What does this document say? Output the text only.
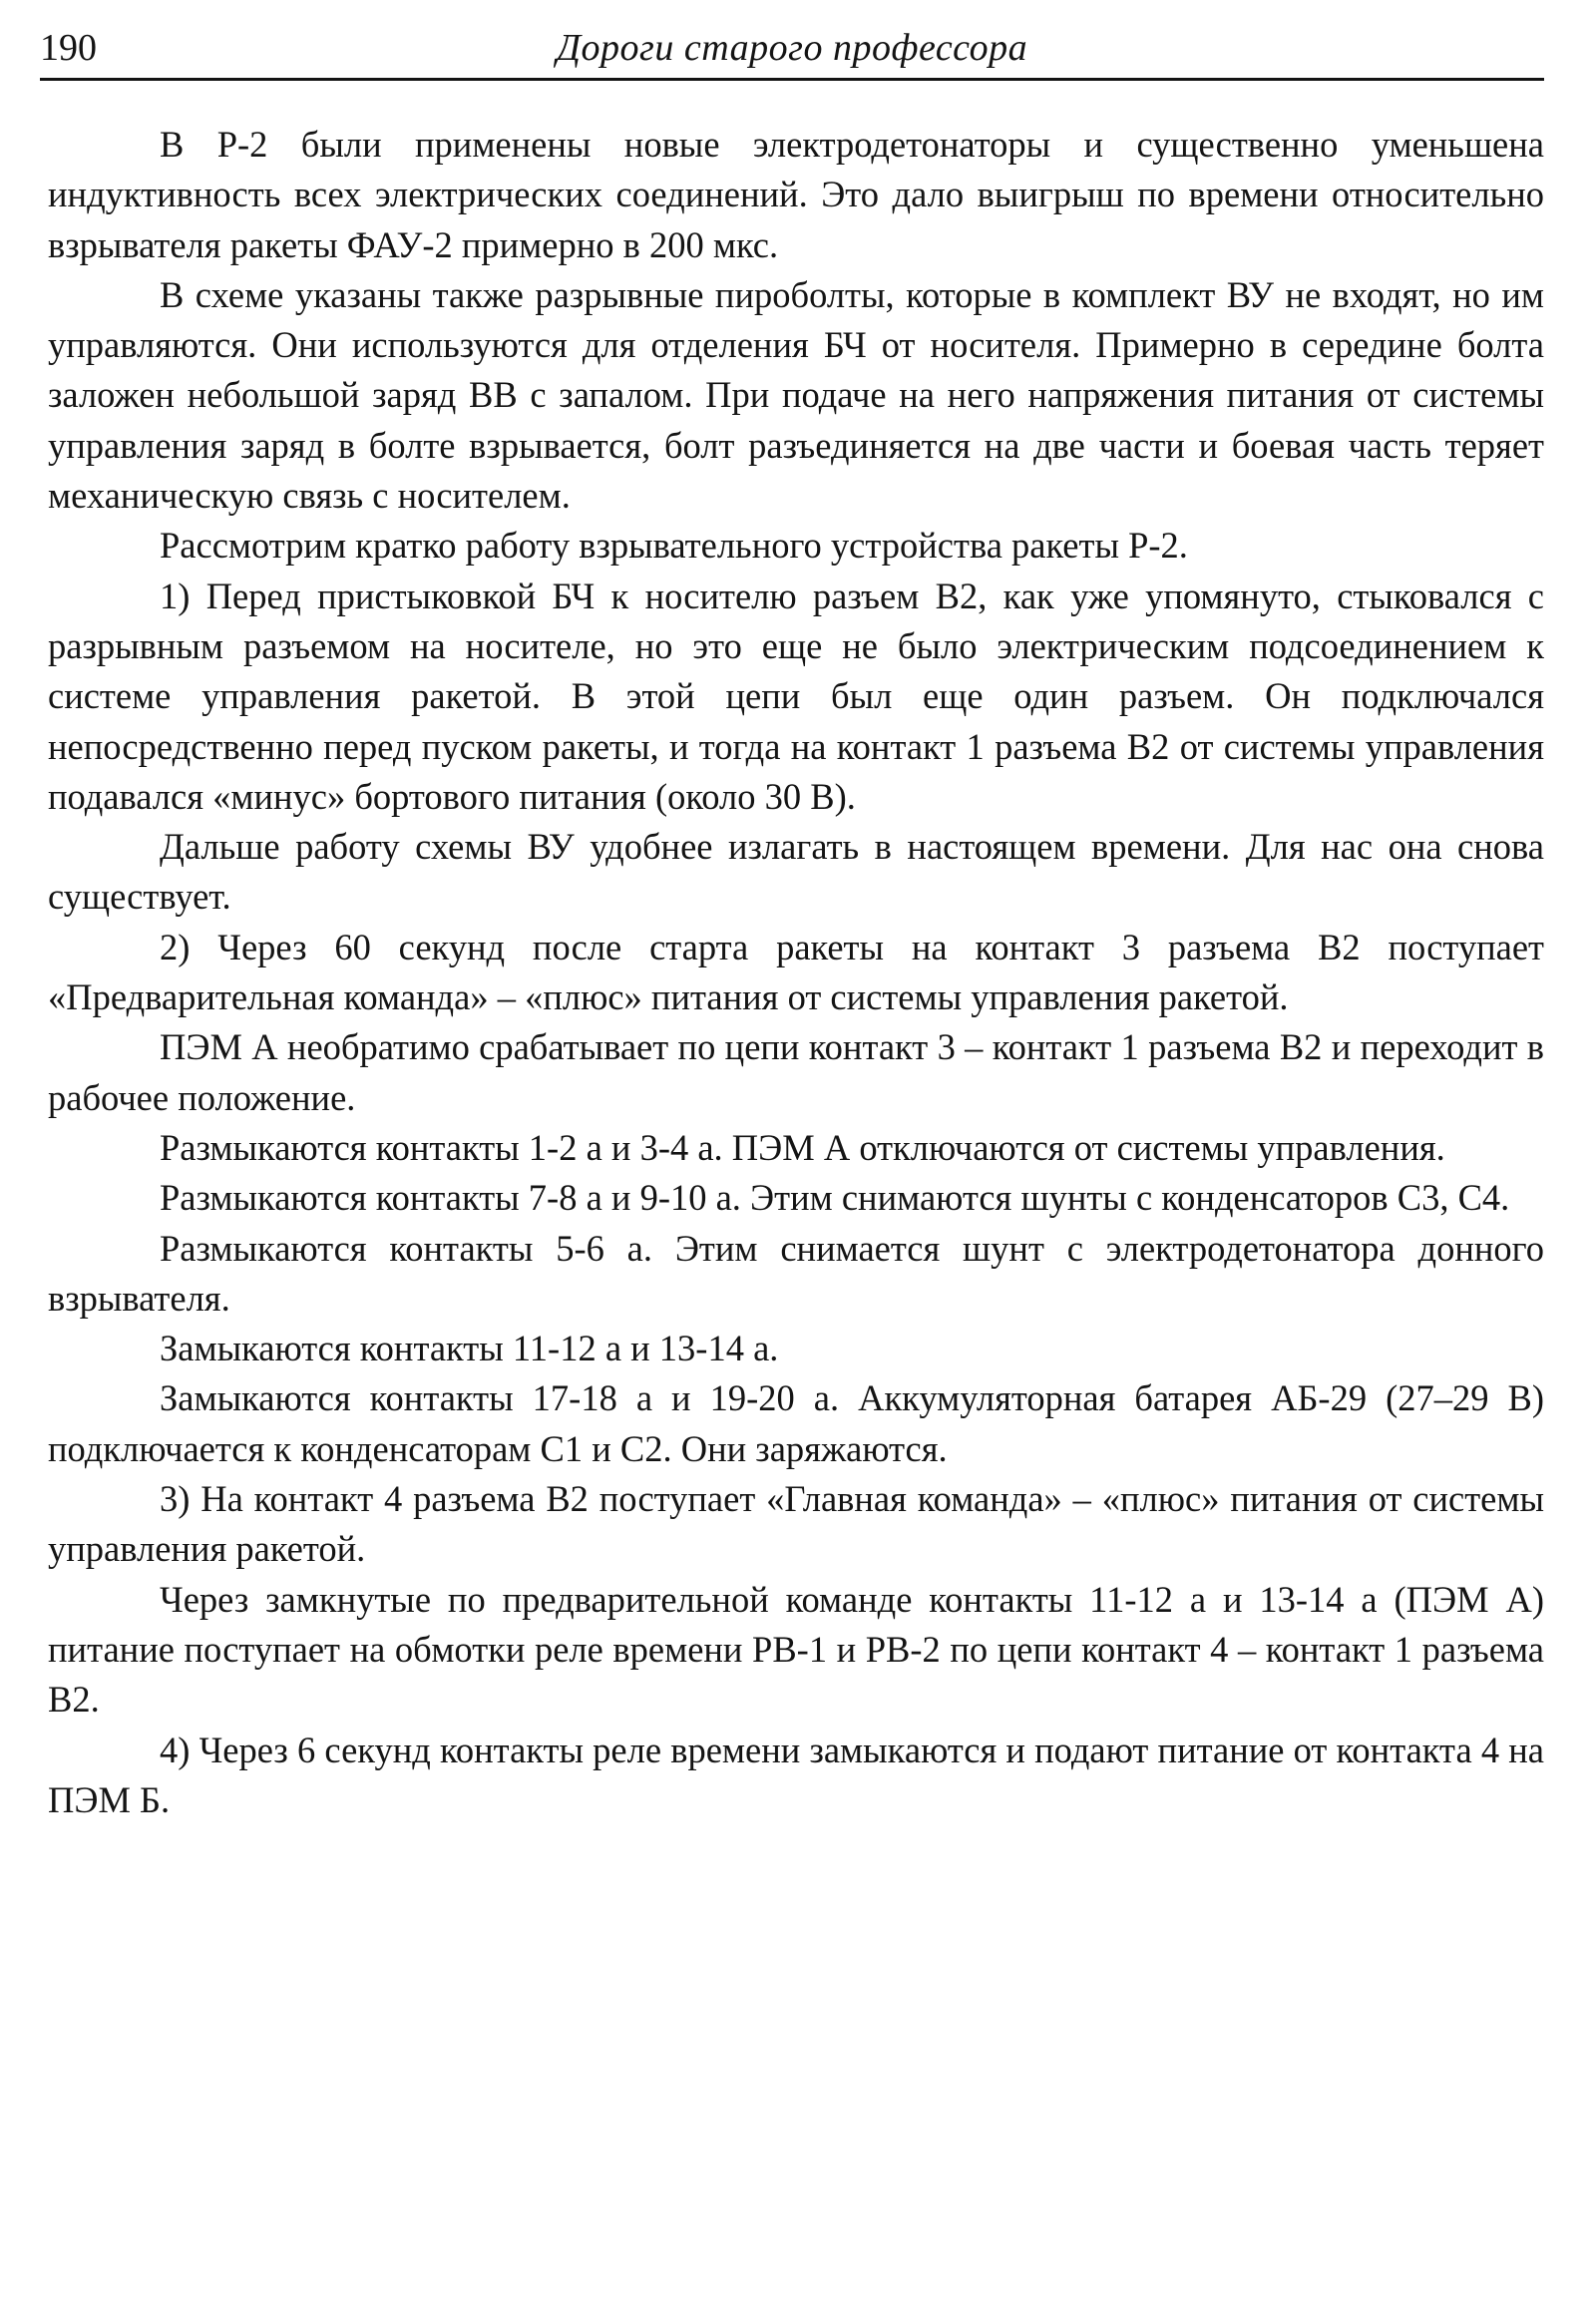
190	Дороги старого профессора

В Р-2 были применены новые электродетонаторы и существенно уменьшена индуктивность всех электрических соединений. Это дало выигрыш по времени относительно взрывателя ракеты ФАУ-2 примерно в 200 мкс.

В схеме указаны также разрывные пироболты, которые в комплект ВУ не входят, но им управляются. Они используются для отделения БЧ от носителя. Примерно в середине болта заложен небольшой заряд ВВ с запалом. При подаче на него напряжения питания от системы управления заряд в болте взрывается, болт разъединяется на две части и боевая часть теряет механическую связь с носителем.

Рассмотрим кратко работу взрывательного устройства ракеты Р-2.

1) Перед пристыковкой БЧ к носителю разъем В2, как уже упомянуто, стыковался с разрывным разъемом на носителе, но это еще не было электрическим подсоединением к системе управления ракетой. В этой цепи был еще один разъем. Он подключался непосредственно перед пуском ракеты, и тогда на контакт 1 разъема В2 от системы управления подавался «минус» бортового питания (около 30 В).

Дальше работу схемы ВУ удобнее излагать в настоящем времени. Для нас она снова существует.

2) Через 60 секунд после старта ракеты на контакт 3 разъема В2 поступает «Предварительная команда» – «плюс» питания от системы управления ракетой.

ПЭМ А необратимо срабатывает по цепи контакт 3 – контакт 1 разъема В2 и переходит в рабочее положение.

Размыкаются контакты 1-2 а и 3-4 а. ПЭМ А отключаются от системы управления.

Размыкаются контакты 7-8 а и 9-10 а. Этим снимаются шунты с конденсаторов С3, С4.

Размыкаются контакты 5-6 а. Этим снимается шунт с электродетонатора донного взрывателя.

Замыкаются контакты 11-12 а и 13-14 а.

Замыкаются контакты 17-18 а и 19-20 а. Аккумуляторная батарея АБ-29 (27–29 В) подключается к конденсаторам С1 и С2. Они заряжаются.

3) На контакт 4 разъема В2 поступает «Главная команда» – «плюс» питания от системы управления ракетой.

Через замкнутые по предварительной команде контакты 11-12 а и 13-14 а (ПЭМ А) питание поступает на обмотки реле времени РВ-1 и РВ-2 по цепи контакт 4 – контакт 1 разъема В2.

4) Через 6 секунд контакты реле времени замыкаются и подают питание от контакта 4 на ПЭМ Б.
